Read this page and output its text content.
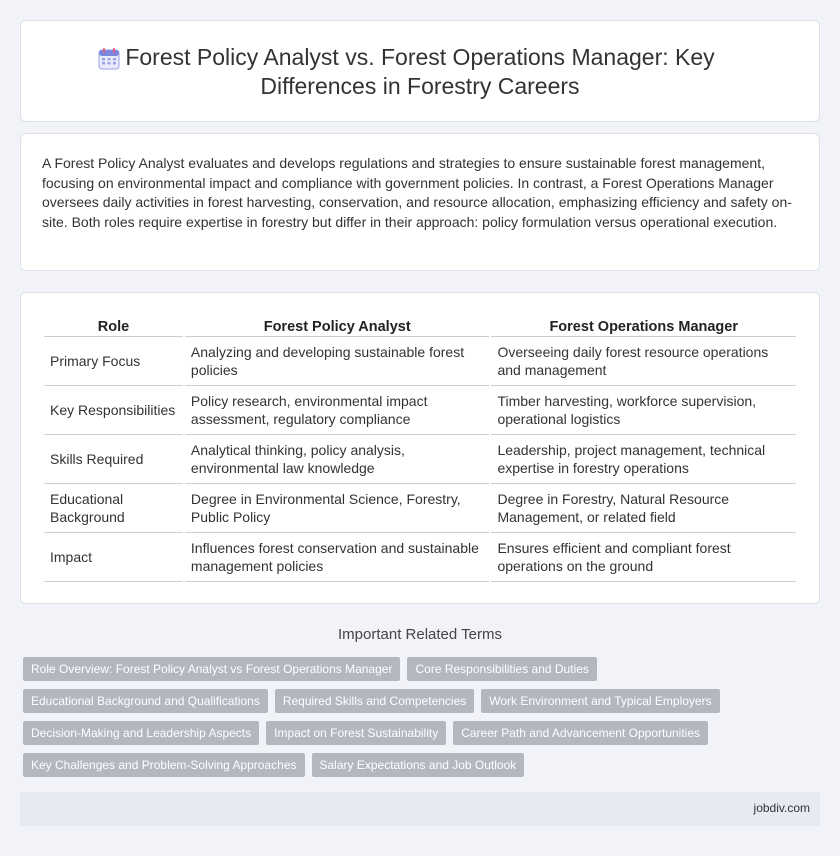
Forest Policy Analyst vs. Forest Operations Manager: Key
Differences in Forestry Careers

A Forest Policy Analyst evaluates and develops regulations and strategies to ensure sustainable forest management, focusing on environmental impact and compliance with government policies. In contrast, a Forest Operations Manager oversees daily activities in forest harvesting, conservation, and resource allocation, emphasizing efficiency and safety on-site. Both roles require expertise in forestry but differ in their approach: policy formulation versus operational execution.

Role	Forest Policy Analyst	Forest Operations Manager
Primary Focus	Analyzing and developing sustainable forest policies	Overseeing daily forest resource operations and management
Key Responsibilities	Policy research, environmental impact assessment, regulatory compliance	Timber harvesting, workforce supervision, operational logistics
Skills Required	Analytical thinking, policy analysis, environmental law knowledge	Leadership, project management, technical expertise in forestry operations
Educational Background	Degree in Environmental Science, Forestry, Public Policy	Degree in Forestry, Natural Resource Management, or related field
Impact	Influences forest conservation and sustainable management policies	Ensures efficient and compliant forest operations on the ground
Important Related Terms
Role Overview: Forest Policy Analyst vs Forest Operations Manager	Core Responsibilities and Duties
Educational Background and Qualifications	Required Skills and Competencies	Work Environment and Typical Employers
Decision-Making and Leadership Aspects	Impact on Forest Sustainability	Career Path and Advancement Opportunities
Key Challenges and Problem-Solving Approaches	Salary Expectations and Job Outlook
jobdiv.com
